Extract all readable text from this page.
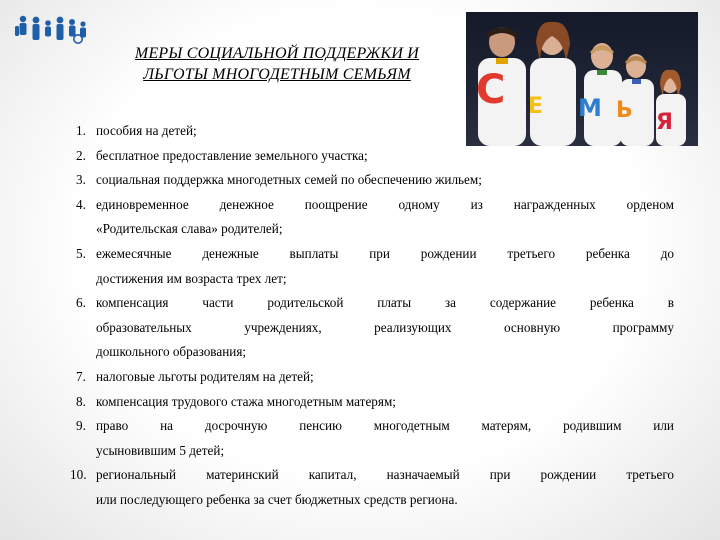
МЕРЫ СОЦИАЛЬНОЙ ПОДДЕРЖКИ И
ЛЬГОТЫ МНОГОДЕТНЫМ СЕМЬЯМ	С Е М Ь Я
1. пособия на детей;
2. бесплатное предоставление земельного участка;
3. социальная поддержка многодетных семей по обеспечению жильем;
4. единовременное денежное поощрение одному из награжденных орденом
«Родительская слава» родителей;
5. ежемесячные денежные выплаты при рождении третьего ребенка до
достижения им возраста трех лет;
6. компенсация части родительской платы за содержание ребенка в
образовательных учреждениях, реализующих основную программу
дошкольного образования;
7. налоговые льготы родителям на детей;
8. компенсация трудового стажа многодетным матерям;
9. право на досрочную пенсию многодетным матерям, родившим или
усыновившим 5 детей;
10. региональный материнский капитал, назначаемый при рождении третьего
или последующего ребенка за счет бюджетных средств региона.
